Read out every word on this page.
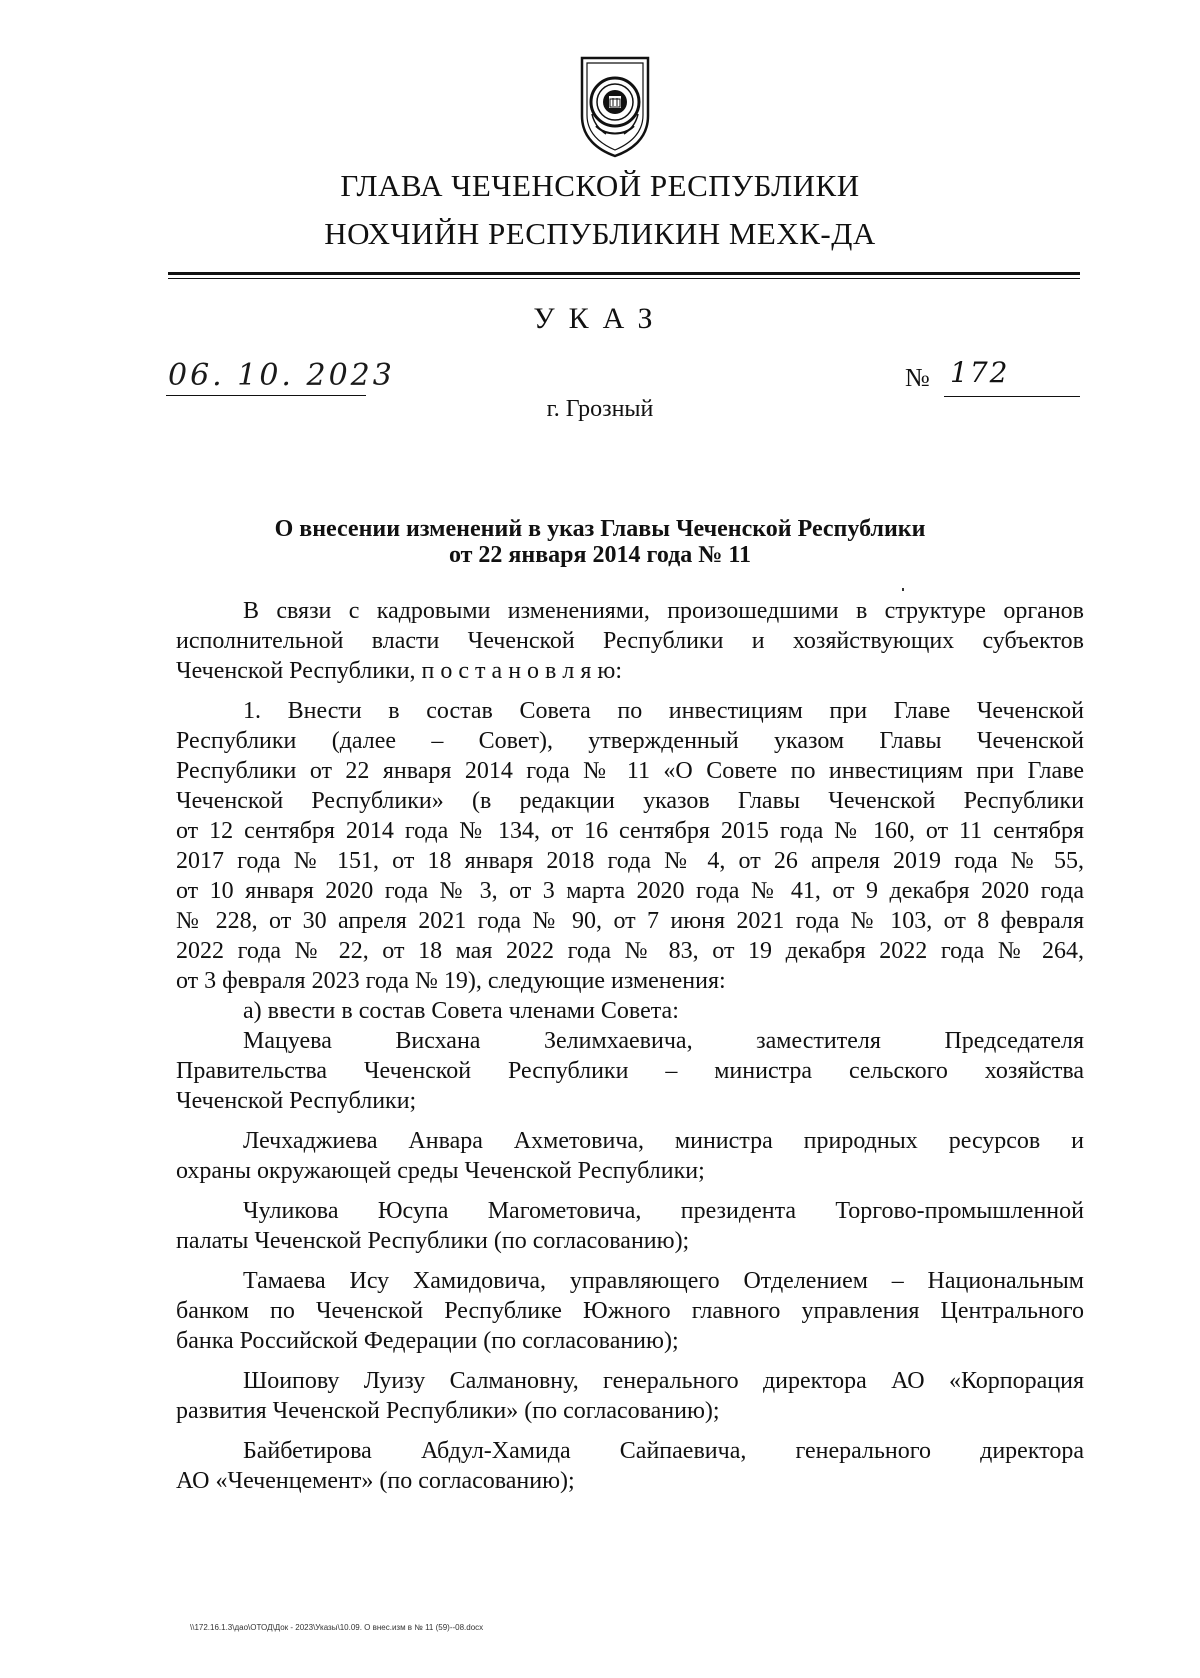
ГЛАВА ЧЕЧЕНСКОЙ РЕСПУБЛИКИ
НОХЧИЙН РЕСПУБЛИКИН МЕХК-ДА
УКАЗ
06. 10. 2023	№ 172
г. Грозный
О внесении изменений в указ Главы Чеченской Республики
от 22 января 2014 года № 11
В связи с кадровыми изменениями, произошедшими в структуре органов
исполнительной власти Чеченской Республики и хозяйствующих субъектов
Чеченской Республики, п о с т а н о в л я ю:
1. Внести в состав Совета по инвестициям при Главе Чеченской
Республики (далее – Совет), утвержденный указом Главы Чеченской
Республики от 22 января 2014 года № 11 «О Совете по инвестициям при Главе
Чеченской Республики» (в редакции указов Главы Чеченской Республики
от 12 сентября 2014 года № 134, от 16 сентября 2015 года № 160, от 11 сентября
2017 года № 151, от 18 января 2018 года № 4, от 26 апреля 2019 года № 55,
от 10 января 2020 года № 3, от 3 марта 2020 года № 41, от 9 декабря 2020 года
№ 228, от 30 апреля 2021 года № 90, от 7 июня 2021 года № 103, от 8 февраля
2022 года № 22, от 18 мая 2022 года № 83, от 19 декабря 2022 года № 264,
от 3 февраля 2023 года № 19), следующие изменения:
а) ввести в состав Совета членами Совета:
Мацуева Висхана Зелимхаевича, заместителя Председателя
Правительства Чеченской Республики – министра сельского хозяйства
Чеченской Республики;
Лечхаджиева Анвара Ахметовича, министра природных ресурсов и
охраны окружающей среды Чеченской Республики;
Чуликова Юсупа Магометовича, президента Торгово-промышленной
палаты Чеченской Республики (по согласованию);
Тамаева Ису Хамидовича, управляющего Отделением – Национальным
банком по Чеченской Республике Южного главного управления Центрального
банка Российской Федерации (по согласованию);
Шоипову Луизу Салмановну, генерального директора АО «Корпорация
развития Чеченской Республики» (по согласованию);
Байбетирова Абдул-Хамида Сайпаевича, генерального директора
АО «Чеченцемент» (по согласованию);
\\172.16.1.3\дао\ОТОД\Док - 2023\Указы\10.09. О внес.изм в № 11 (59)--08.docx
